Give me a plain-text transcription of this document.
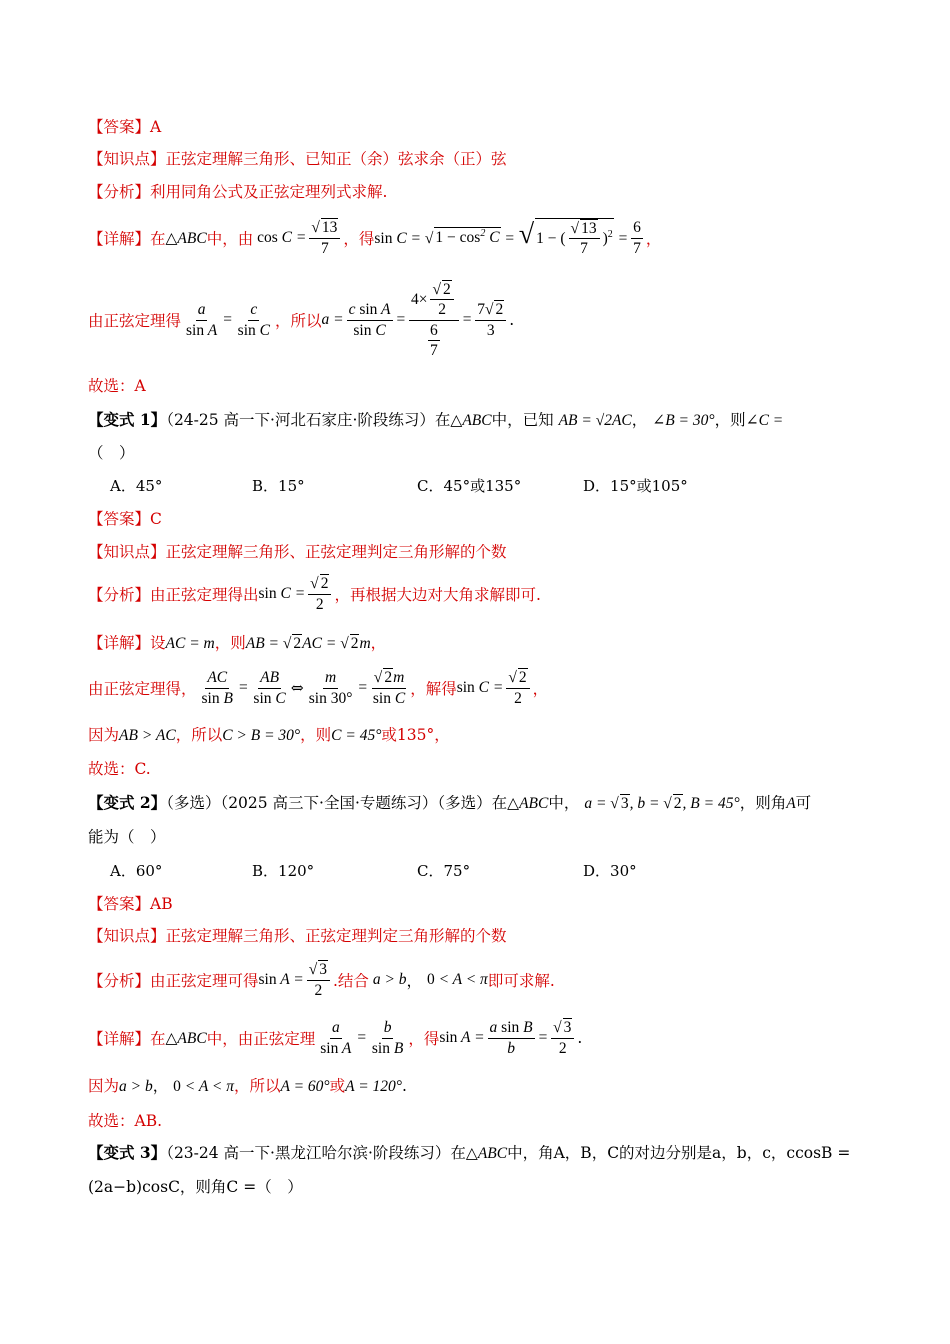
【答案】A
【知识点】正弦定理解三角形、已知正（余）弦求余（正）弦
【分析】利用同角公式及正弦定理列式求解.
【详解】在 △ABC 中，由 $\cos C = \frac{√ 13}{7}$ ，得 sin C = √ $1 - \cos^2 C$ = √ 1 − ( $\frac{√ 13}{7} )^2 = \frac{6}{7}$ ，
由正弦定理得 $\frac{a}{\text{sin A}} = \frac{c}{\text{sin C}}$ ，所以 $a = \frac{\text{c sin A}}{\text{sin C}} = \frac{4\times \frac{√ 2}{2}}{\frac{6}{7}} = \frac{7√ 2}{3}$ .
故选：A
【变式 1】（24-25 高一下·河北石家庄·阶段练习）在△ABC中，已知 AB = √2AC， ∠B = 30°，则∠C =
（　）
A．45°	B．15°	C．45°或135°	D．15°或105°
【答案】C
【知识点】正弦定理解三角形、正弦定理判定三角形解的个数
【分析】由正弦定理得出 $\sin C = \frac{√ 2}{2}$ ，再根据大边对大角求解即可.
【详解】设AC = m，则AB = √ 2AC = √ 2m，
由正弦定理得， $\frac{AC}{\text{sin B}} = \frac{AB}{\text{sin C}}$ ⇔ $\frac{m}{\sin 30^\circ} = \frac{√ 2m}{\text{sin C}}$ ，解得 $\sin C = \frac{√ 2}{2}$ ，
因为AB > AC，所以C > B = 30°，则C = 45°或135°，
故选：C.
【变式 2】（多选）（2025 高三下·全国·专题练习）（多选）在△ABC中， a = √ 3, b = √ 2, B = 45°，则角A可
能为（　）
A．60°	B．120°	C．75°	D．30°
【答案】AB
【知识点】正弦定理解三角形、正弦定理判定三角形解的个数
【分析】由正弦定理可得 $\sin A = \frac{√ 3}{2}$ .结合 a > b ， 0 < A < π 即可求解.
【详解】在 △ABC 中，由正弦定理 $\frac{a}{\text{sin A}} = \frac{b}{\text{sin B}}$ ，得 $\sin A = \frac{\text{a sin B}}{b} = \frac{√ 3}{2}$ .
因为a > b， 0 < A < π，所以A = 60°或A = 120°.
故选：AB.
【变式 3】（23-24 高一下·黑龙江哈尔滨·阶段练习）在△ABC中，角A，B，C的对边分别是a，b，c，ccosB =
(2a−b)cosC，则角C =（　）
